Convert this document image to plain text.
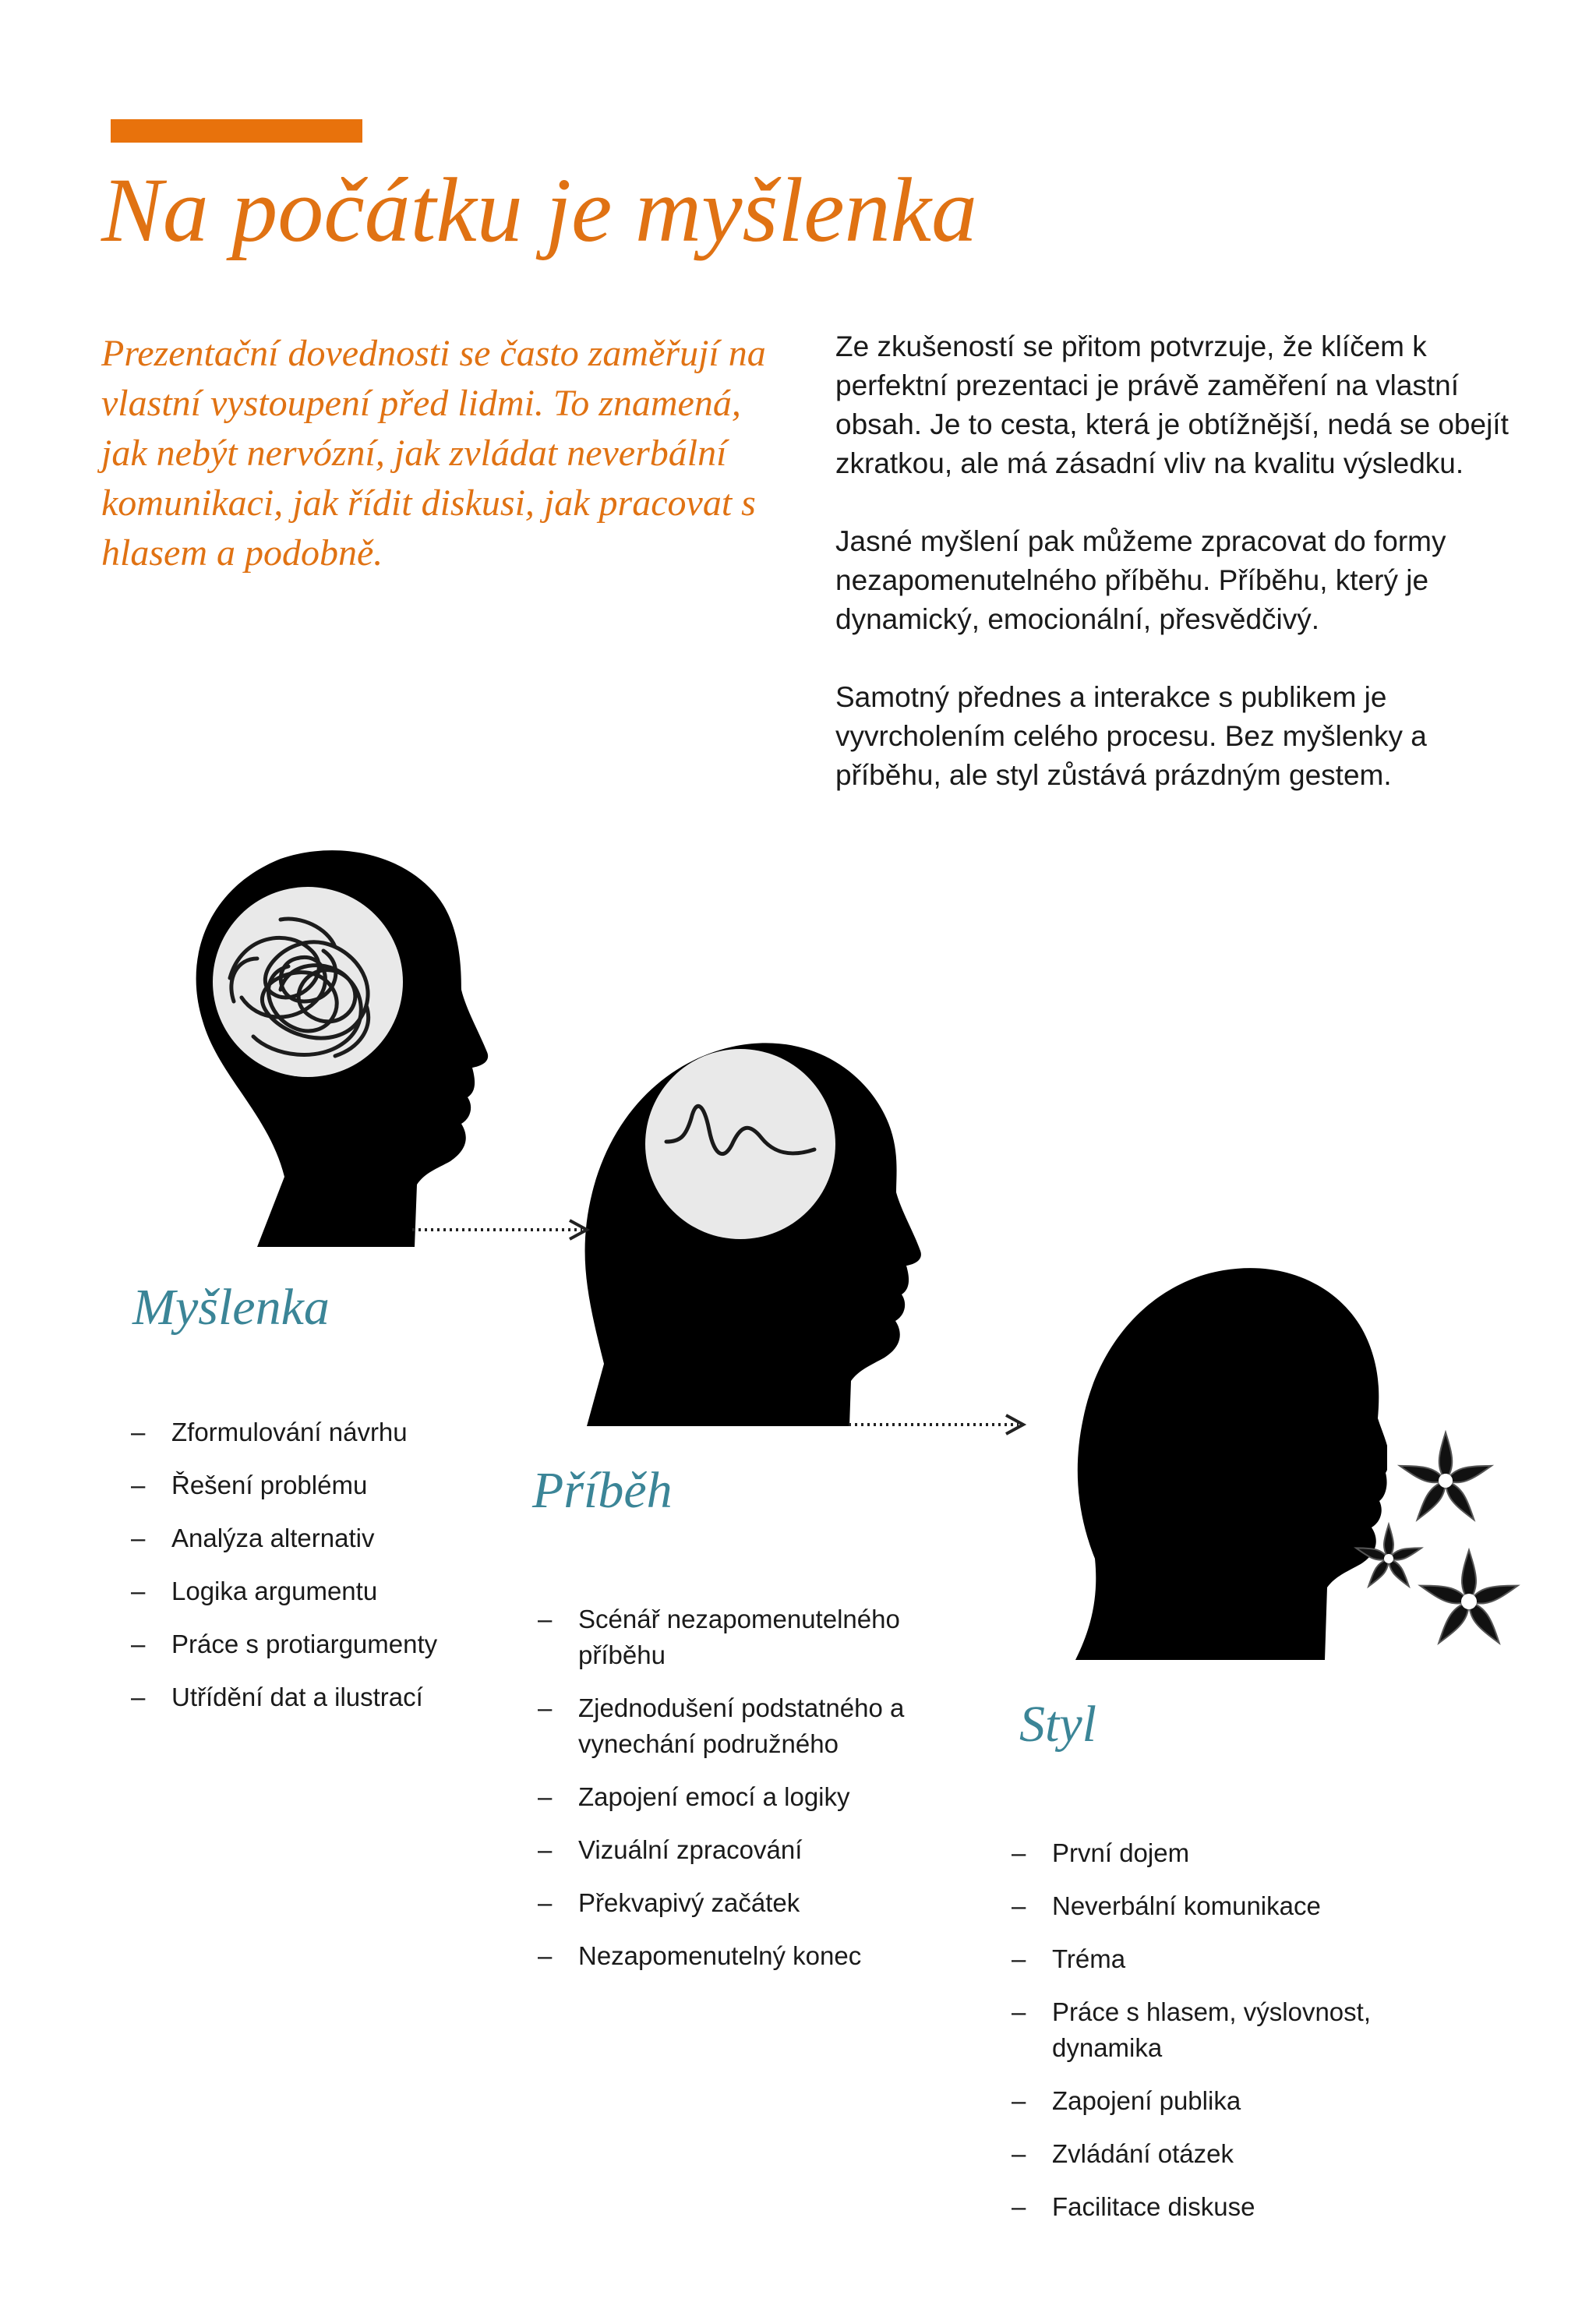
Na počátku je myšlenka

Prezentační dovednosti se často zaměřují na vlastní vystoupení před lidmi. To znamená, jak nebýt nervózní, jak zvládat neverbální komunikaci, jak řídit diskusi, jak pracovat s hlasem a podobně.

Ze zkušeností se přitom potvrzuje, že klíčem k perfektní prezentaci je právě zaměření na vlastní obsah. Je to cesta, která je obtížnější, nedá se obejít zkratkou, ale má zásadní vliv na kvalitu výsledku.

Jasné myšlení pak můžeme zpracovat do formy nezapomenutelného příběhu. Příběhu, který je dynamický, emocionální, přesvědčivý.

Samotný přednes a interakce s publikem je vyvrcholením celého procesu. Bez myšlenky a příběhu, ale styl zůstává prázdným gestem.

Myšlenka
– Zformulování návrhu
– Řešení problému
– Analýza alternativ
– Logika argumentu
– Práce s protiargumenty
– Utřídění dat a ilustrací
Příběh
– Scénář nezapomenutelného příběhu
– Zjednodušení podstatného a vynechání podružného
– Zapojení emocí a logiky
– Vizuální zpracování
– Překvapivý začátek
– Nezapomenutelný konec
Styl
– První dojem
– Neverbální komunikace
– Tréma
– Práce s hlasem, výslovnost, dynamika
– Zapojení publika
– Zvládání otázek
– Facilitace diskuse
